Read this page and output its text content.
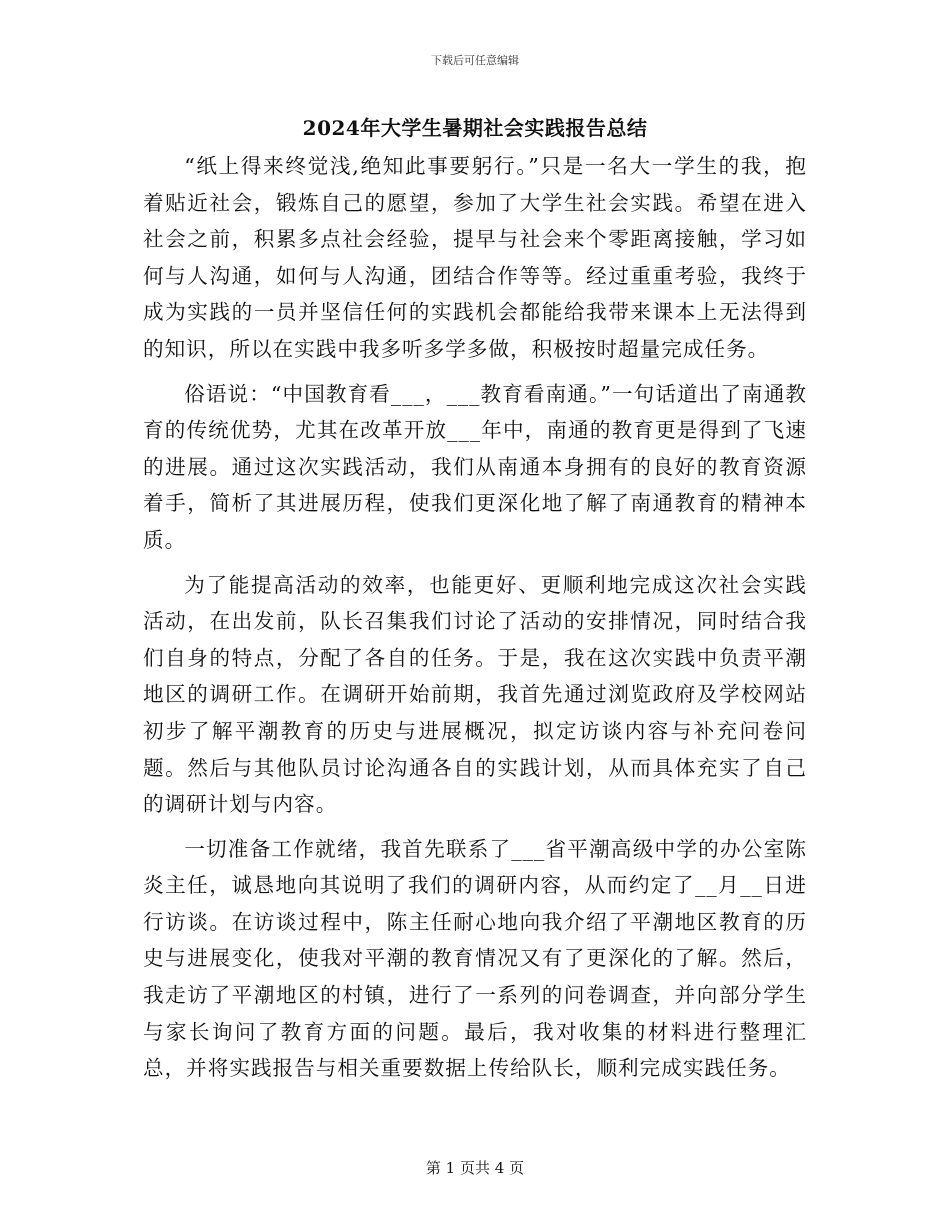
下载后可任意编辑
2024年大学生暑期社会实践报告总结

“纸上得来终觉浅,绝知此事要躬行。”只是一名大一学生的我，抱着贴近社会，锻炼自己的愿望，参加了大学生社会实践。希望在进入社会之前，积累多点社会经验，提早与社会来个零距离接触，学习如何与人沟通，如何与人沟通，团结合作等等。经过重重考验，我终于成为实践的一员并坚信任何的实践机会都能给我带来课本上无法得到的知识，所以在实践中我多听多学多做，积极按时超量完成任务。

俗语说：“中国教育看___，___教育看南通。”一句话道出了南通教育的传统优势，尤其在改革开放___年中，南通的教育更是得到了飞速的进展。通过这次实践活动，我们从南通本身拥有的良好的教育资源着手，简析了其进展历程，使我们更深化地了解了南通教育的精神本质。

为了能提高活动的效率，也能更好、更顺利地完成这次社会实践活动，在出发前，队长召集我们讨论了活动的安排情况，同时结合我们自身的特点，分配了各自的任务。于是，我在这次实践中负责平潮地区的调研工作。在调研开始前期，我首先通过浏览政府及学校网站初步了解平潮教育的历史与进展概况，拟定访谈内容与补充问卷问题。然后与其他队员讨论沟通各自的实践计划，从而具体充实了自己的调研计划与内容。

一切准备工作就绪，我首先联系了___省平潮高级中学的办公室陈炎主任，诚恳地向其说明了我们的调研内容，从而约定了__月__日进行访谈。在访谈过程中，陈主任耐心地向我介绍了平潮地区教育的历史与进展变化，使我对平潮的教育情况又有了更深化的了解。然后，我走访了平潮地区的村镇，进行了一系列的问卷调查，并向部分学生与家长询问了教育方面的问题。最后，我对收集的材料进行整理汇总，并将实践报告与相关重要数据上传给队长，顺利完成实践任务。

第 1 页共 4 页
